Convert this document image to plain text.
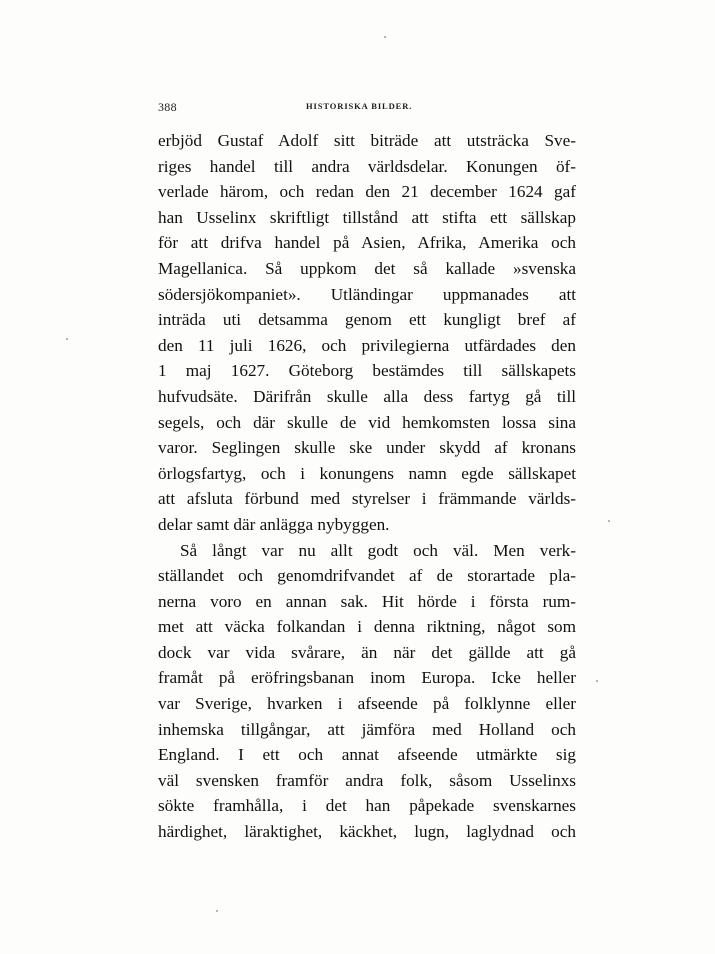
388	HISTORISKA BILDER.
erbjöd Gustaf Adolf sitt biträde att utsträcka Sve-
riges handel till andra världsdelar. Konungen öf-
verlade härom, och redan den 21 december 1624 gaf
han Usselinx skriftligt tillstånd att stifta ett sällskap
för att drifva handel på Asien, Afrika, Amerika och
Magellanica. Så uppkom det så kallade »svenska
södersjökompaniet». Utländingar uppmanades att
inträda uti detsamma genom ett kungligt bref af
den 11 juli 1626, och privilegierna utfärdades den
1 maj 1627. Göteborg bestämdes till sällskapets
hufvudsäte. Därifrån skulle alla dess fartyg gå till
segels, och där skulle de vid hemkomsten lossa sina
varor. Seglingen skulle ske under skydd af kronans
örlogsfartyg, och i konungens namn egde sällskapet
att afsluta förbund med styrelser i främmande världs-
delar samt där anlägga nybyggen.
Så långt var nu allt godt och väl. Men verk-
ställandet och genomdrifvandet af de storartade pla-
nerna voro en annan sak. Hit hörde i första rum-
met att väcka folkandan i denna riktning, något som
dock var vida svårare, än när det gällde att gå
framåt på eröfringsbanan inom Europa. Icke heller
var Sverige, hvarken i afseende på folklynne eller
inhemska tillgångar, att jämföra med Holland och
England. I ett och annat afseende utmärkte sig
väl svensken framför andra folk, såsom Usselinxs
sökte framhålla, i det han påpekade svenskarnes
härdighet, läraktighet, käckhet, lugn, laglydnad och
